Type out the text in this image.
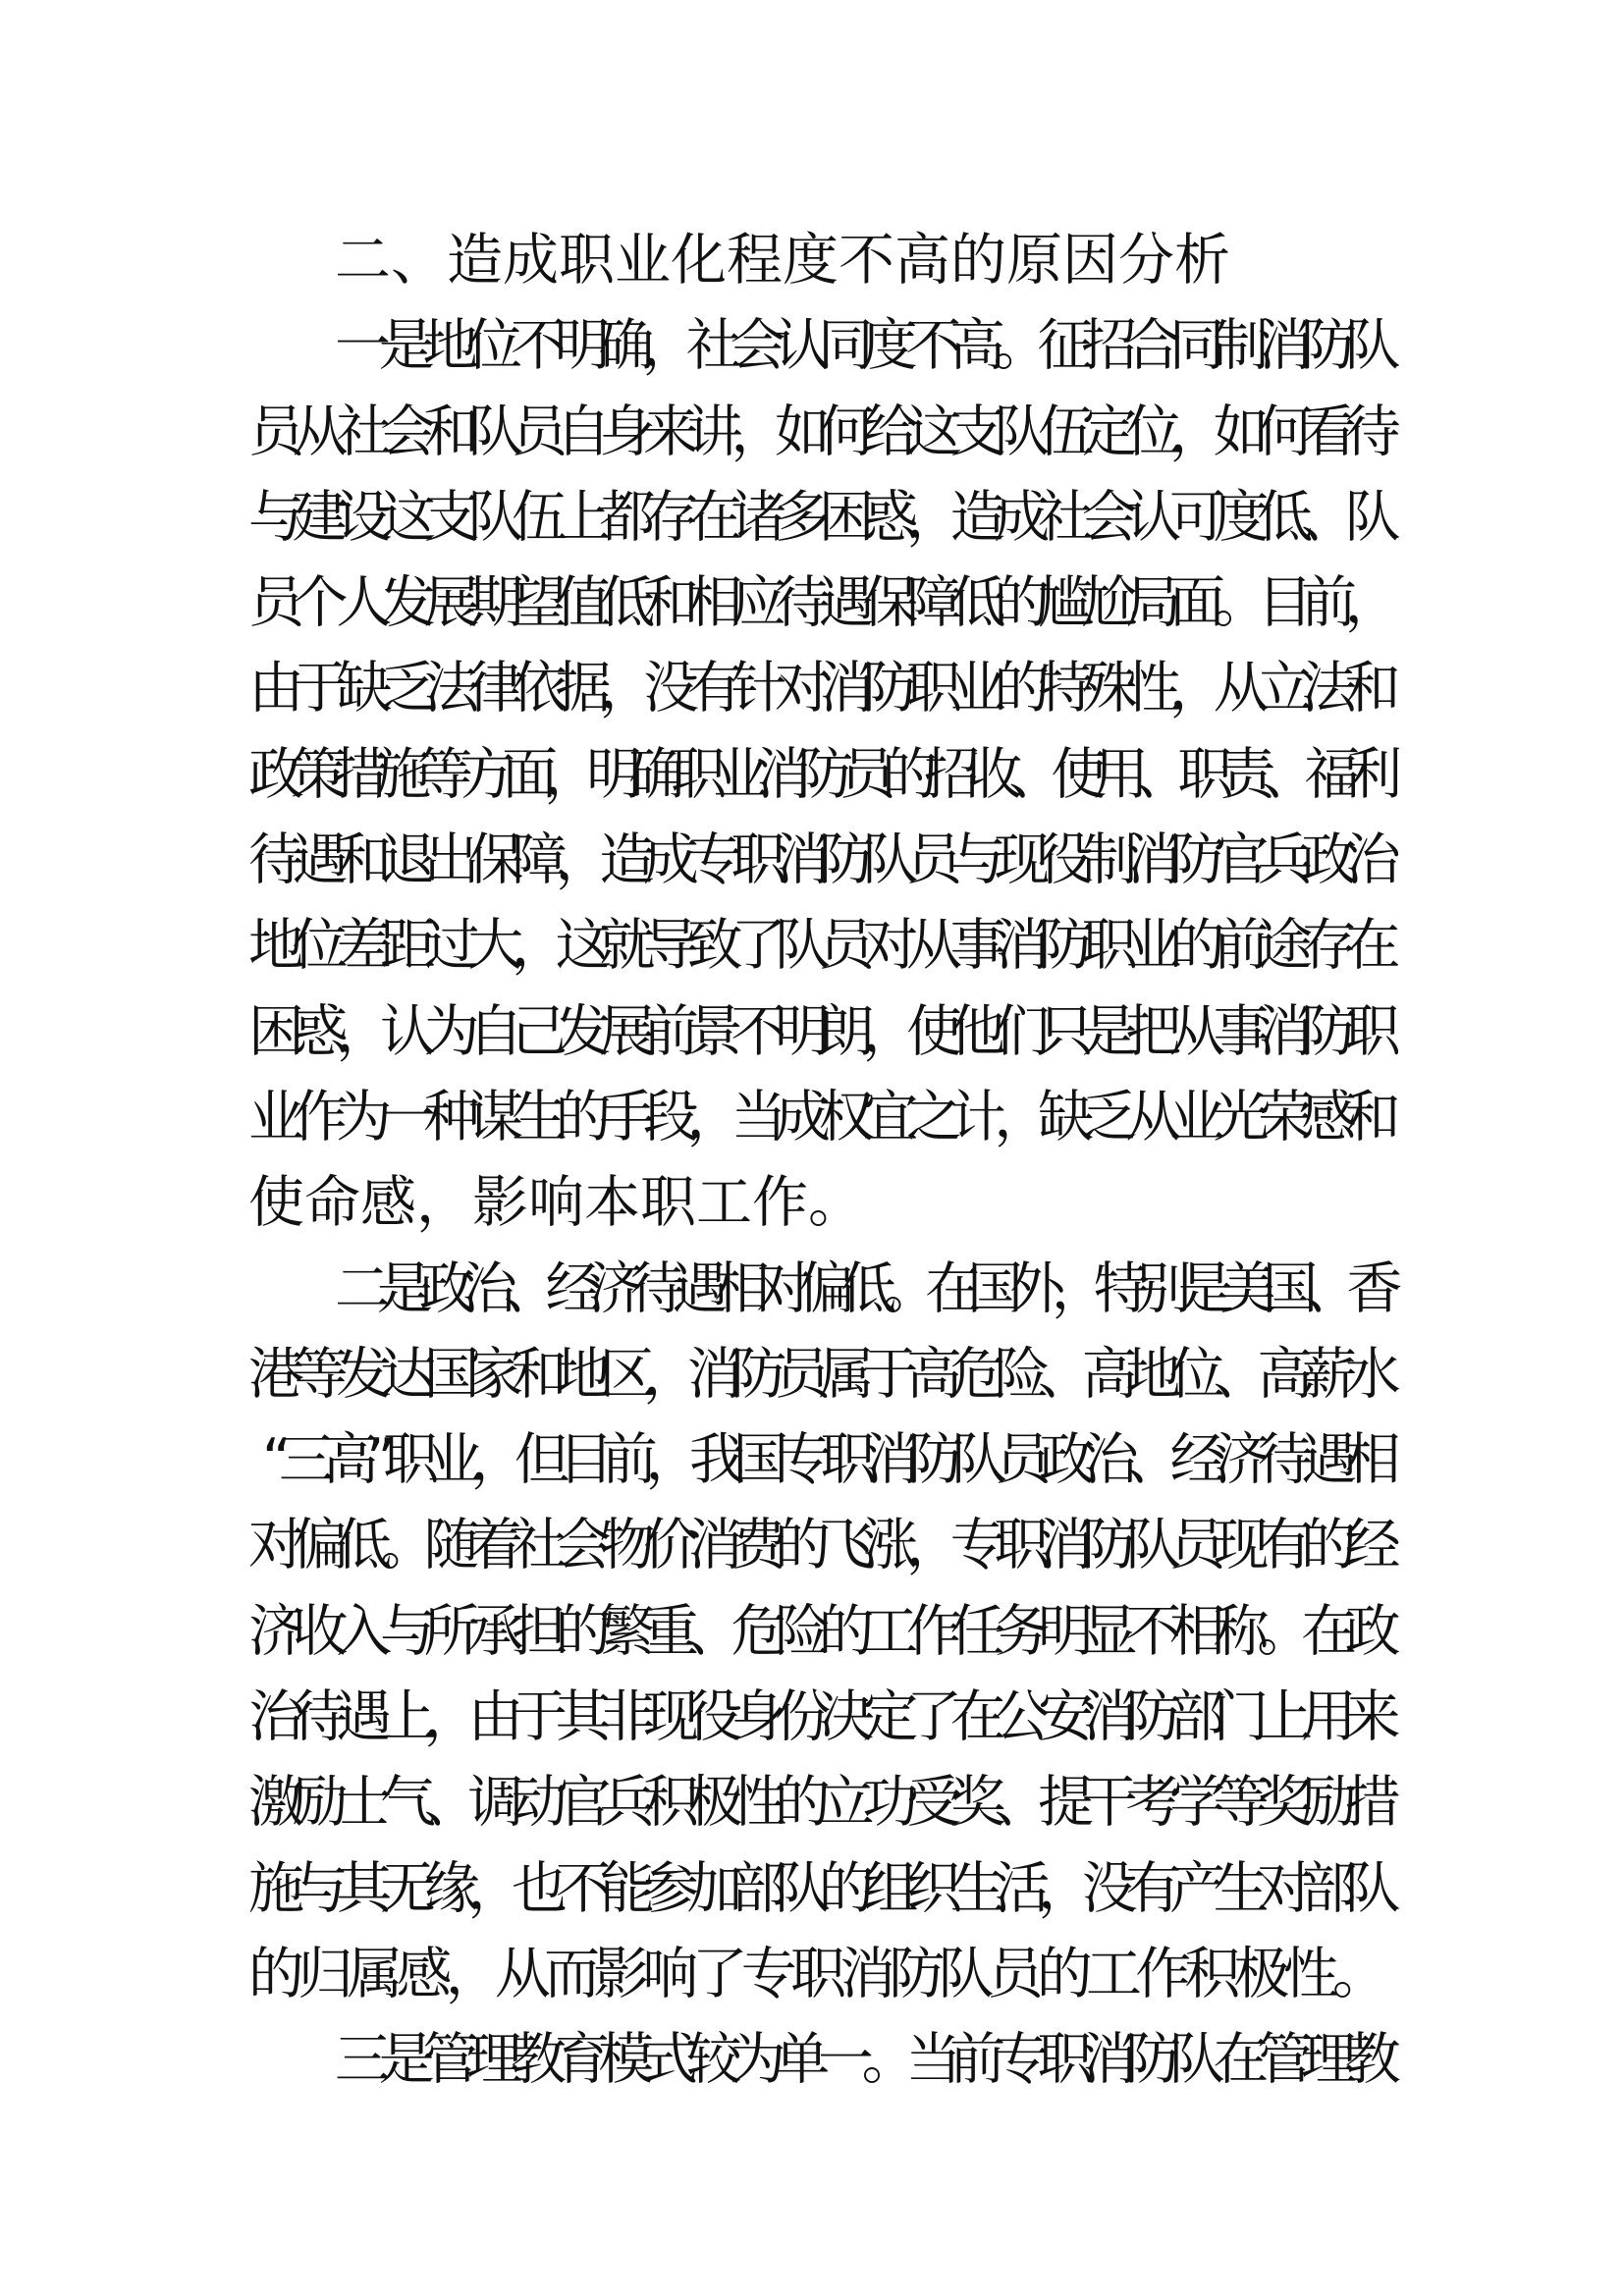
二、造成职业化程度不高的原因分析
一是地位不明确，社会认同度不高。征招合同制消防队
员从社会和队员自身来讲，如何给这支队伍定位，如何看待
与建设这支队伍上都存在诸多困惑，造成社会认可度低、队
员个人发展期望值低和相应待遇保障低的尴尬局面。目前，
由于缺乏法律依据，没有针对消防职业的特殊性，从立法和
政策措施等方面，明确职业消防员的招收、使用、职责、福利
待遇和退出保障，造成专职消防队员与现役制消防官兵政治
地位差距过大，这就导致了队员对从事消防职业的前途存在
困惑，认为自己发展前景不明朗，使他们只是把从事消防职
业作为一种谋生的手段，当成权宜之计，缺乏从业光荣感和
使命感，影响本职工作。
二是政治、经济待遇相对偏低。在国外，特别是美国、香
港等发达国家和地区，消防员属于高危险、高地位、高薪水
“三高”职业，但目前，我国专职消防队员政治、经济待遇相
对偏低。随着社会物价消费的飞涨，专职消防队员现有的经
济收入与所承担的繁重、危险的工作任务明显不相称。在政
治待遇上，由于其非现役身份决定了在公安消防部门上用来
激励士气、调动官兵积极性的立功受奖、提干考学等奖励措
施与其无缘，也不能参加部队的组织生活，没有产生对部队
的归属感，从而影响了专职消防队员的工作积极性。
三是管理教育模式较为单一。当前专职消防队在管理教
